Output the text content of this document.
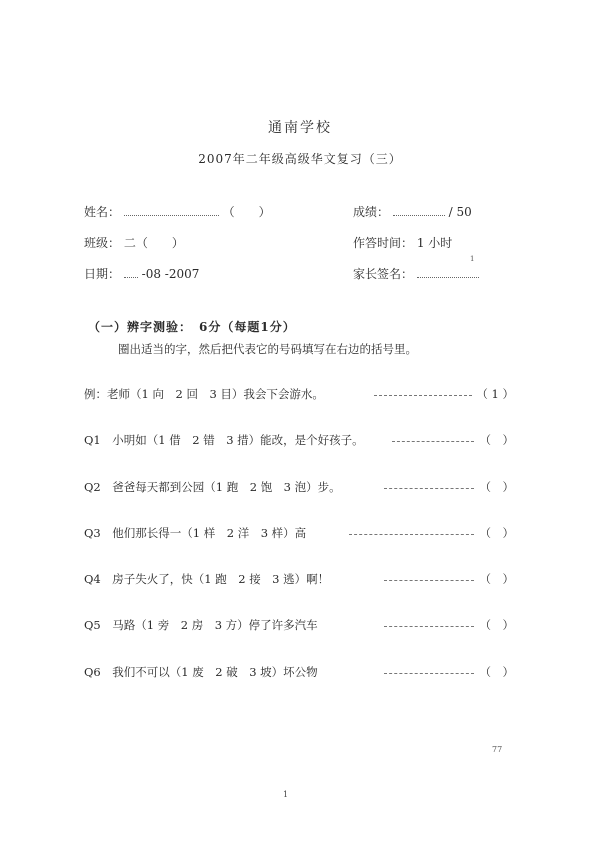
通南学校
2007年二年级高级华文复习（三）
姓名：	（　　）	成绩：	/ 50
班级： 二（　　）	作答时间： 1 小时
日期： -08 -2007	家长签名：
1
（一）辨字测验：　6分（每题1分）
圈出适当的字，然后把代表它的号码填写在右边的括号里。
例：老师（1 向　2 回　3 目）我会下会游水。	（ 1 ）
Q1　小明如（1 借　2 错　3 措）能改，是个好孩子。	（　）
Q2　爸爸每天都到公园（1 跑　2 饱　3 泡）步。	（　）
Q3　他们那长得一（1 样　2 洋　3 样）高	（　）
Q4　房子失火了，快（1 跑　2 接　3 逃）啊！	（　）
Q5　马路（1 旁　2 房　3 方）停了许多汽车	（　）
Q6　我们不可以（1 废　2 破　3 坡）坏公物	（　）
77
1
